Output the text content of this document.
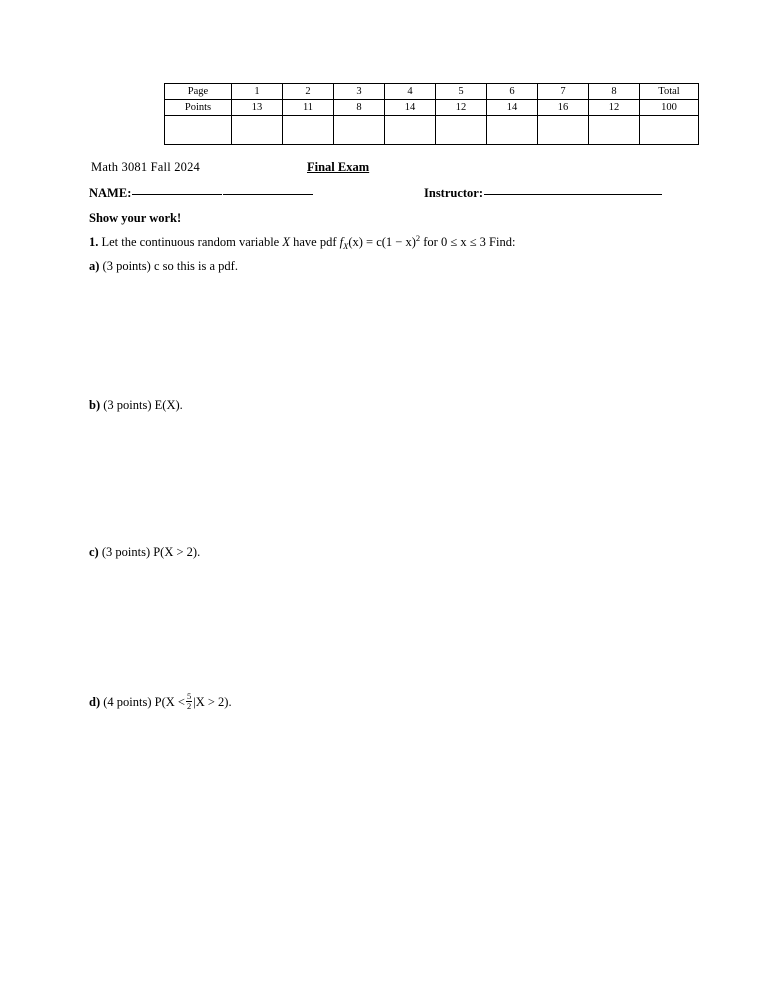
Page	1	2	3	4	5	6	7	8	Total
Points	13	11	8	14	12	14	16	12	100

Math 3081 Fall 2024	Final Exam
NAME:	Instructor:
Show your work!
1. Let the continuous random variable X have pdf $f_X(x) = c(1 - x)^2$ for 0 ≤ x ≤ 3 Find:
a) (3 points) c so this is a pdf.
b) (3 points) E(X).
c) (3 points) P(X > 2).
d) (4 points) $P(X < \frac{5}{2} |X > 2)$.
